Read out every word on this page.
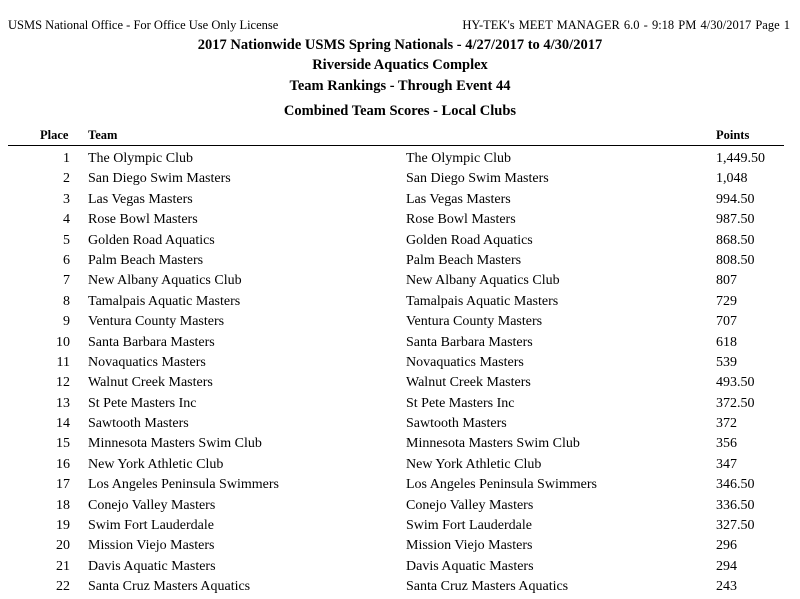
USMS National Office - For Office Use Only License	HY-TEK's MEET MANAGER 6.0 - 9:18 PM 4/30/2017 Page 1
2017 Nationwide USMS Spring Nationals - 4/27/2017 to 4/30/2017
Riverside Aquatics Complex
Team Rankings - Through Event 44
Combined Team Scores - Local Clubs
Place Team	Points
1 The Olympic Club	The Olympic Club	1,449.50
2 San Diego Swim Masters	San Diego Swim Masters	1,048
3 Las Vegas Masters	Las Vegas Masters	994.50
4 Rose Bowl Masters	Rose Bowl Masters	987.50
5 Golden Road Aquatics	Golden Road Aquatics	868.50
6 Palm Beach Masters	Palm Beach Masters	808.50
7 New Albany Aquatics Club	New Albany Aquatics Club	807
8 Tamalpais Aquatic Masters	Tamalpais Aquatic Masters	729
9 Ventura County Masters	Ventura County Masters	707
10 Santa Barbara Masters	Santa Barbara Masters	618
11 Novaquatics Masters	Novaquatics Masters	539
12 Walnut Creek Masters	Walnut Creek Masters	493.50
13 St Pete Masters Inc	St Pete Masters Inc	372.50
14 Sawtooth Masters	Sawtooth Masters	372
15 Minnesota Masters Swim Club	Minnesota Masters Swim Club	356
16 New York Athletic Club	New York Athletic Club	347
17 Los Angeles Peninsula Swimmers	Los Angeles Peninsula Swimmers	346.50
18 Conejo Valley Masters	Conejo Valley Masters	336.50
19 Swim Fort Lauderdale	Swim Fort Lauderdale	327.50
20 Mission Viejo Masters	Mission Viejo Masters	296
21 Davis Aquatic Masters	Davis Aquatic Masters	294
22 Santa Cruz Masters Aquatics	Santa Cruz Masters Aquatics	243
